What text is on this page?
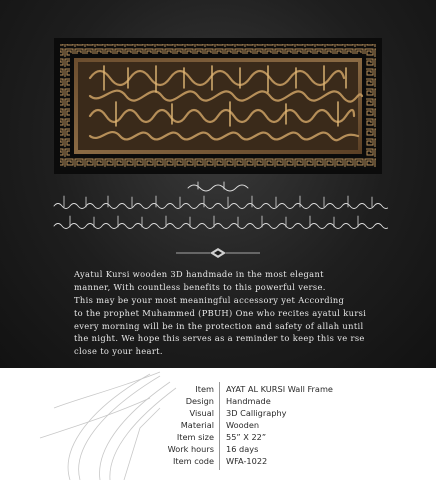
Ayatul Kursi wooden 3D handmade in the most elegant
manner, With countless benefits to this powerful verse.
This may be your most meaningful accessory yet According
to the prophet Muhammed (PBUH) One who recites ayatul kursi
every morning will be in the protection and safety of allah until
the night. We hope this serves as a reminder to keep this ve rse
close to your heart.
Item AYAT AL KURSI Wall Frame
Design Handmade
Visual 3D Calligraphy
Material Wooden
Item size 55” X 22”
Work hours 16 days
Item code WFA-1022
